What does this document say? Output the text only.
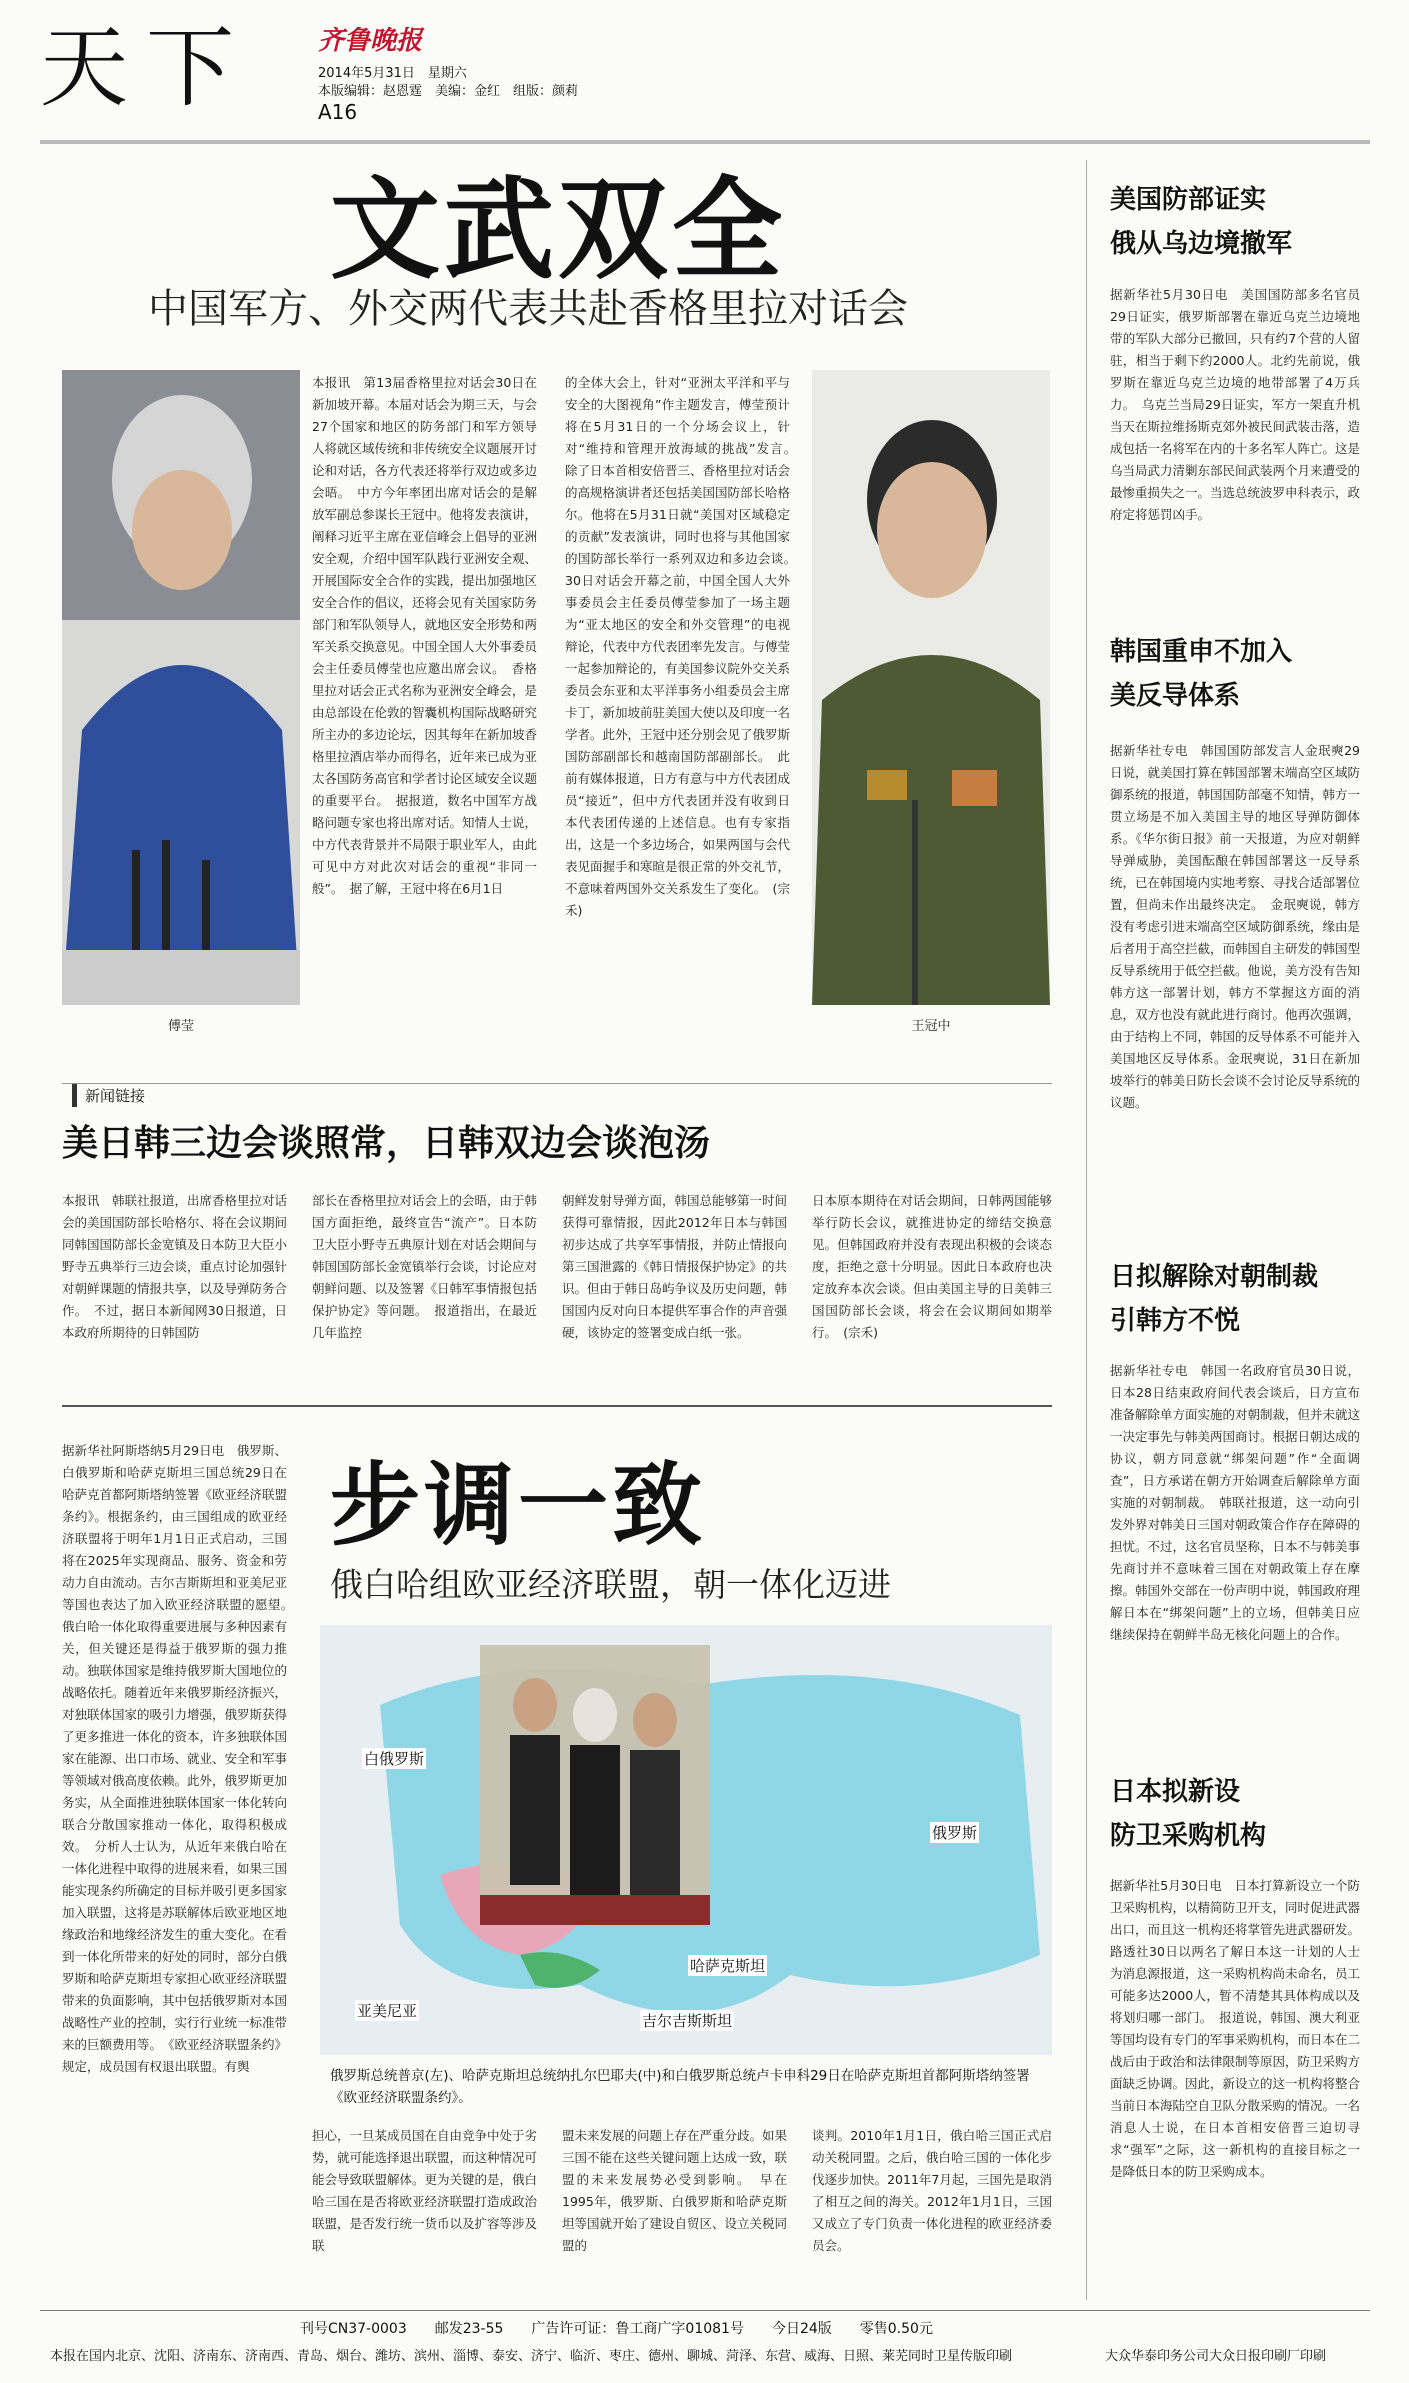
天下	齐鲁晚报
2014年5月31日　星期六
本版编辑：赵恩霆　美编：金红　组版：颜莉
A16
文武双全
中国军方、外交两代表共赴香格里拉对话会
傅莹
本报讯　第13届香格里拉对话会30日在新加坡开幕。本届对话会为期三天，与会27个国家和地区的防务部门和军方领导人将就区域传统和非传统安全议题展开讨论和对话，各方代表还将举行双边或多边会晤。　中方今年率团出席对话会的是解放军副总参谋长王冠中。他将发表演讲，阐释习近平主席在亚信峰会上倡导的亚洲安全观，介绍中国军队践行亚洲安全观、开展国际安全合作的实践，提出加强地区安全合作的倡议，还将会见有关国家防务部门和军队领导人，就地区安全形势和两军关系交换意见。中国全国人大外事委员会主任委员傅莹也应邀出席会议。　香格里拉对话会正式名称为亚洲安全峰会，是由总部设在伦敦的智囊机构国际战略研究所主办的多边论坛，因其每年在新加坡香格里拉酒店举办而得名，近年来已成为亚太各国防务高官和学者讨论区域安全议题的重要平台。　据报道，数名中国军方战略问题专家也将出席对话。知情人士说，中方代表背景并不局限于职业军人，由此可见中方对此次对话会的重视“非同一般”。　据了解，王冠中将在6月1日
的全体大会上，针对“亚洲太平洋和平与安全的大图视角”作主题发言，傅莹预计将在5月31日的一个分场会议上，针对“维持和管理开放海域的挑战”发言。　除了日本首相安倍晋三、香格里拉对话会的高规格演讲者还包括美国国防部长哈格尔。他将在5月31日就“美国对区域稳定的贡献”发表演讲，同时也将与其他国家的国防部长举行一系列双边和多边会谈。　30日对话会开幕之前，中国全国人大外事委员会主任委员傅莹参加了一场主题为“亚太地区的安全和外交管理”的电视辩论，代表中方代表团率先发言。与傅莹一起参加辩论的，有美国参议院外交关系委员会东亚和太平洋事务小组委员会主席卡丁，新加坡前驻美国大使以及印度一名学者。此外，王冠中还分别会见了俄罗斯国防部副部长和越南国防部副部长。　此前有媒体报道，日方有意与中方代表团成员“接近”，但中方代表团并没有收到日本代表团传递的上述信息。也有专家指出，这是一个多边场合，如果两国与会代表见面握手和寒暄是很正常的外交礼节，不意味着两国外交关系发生了变化。　(宗禾)
王冠中
新闻链接
美日韩三边会谈照常，日韩双边会谈泡汤
本报讯　韩联社报道，出席香格里拉对话会的美国国防部长哈格尔、将在会议期间同韩国国防部长金宽镇及日本防卫大臣小野寺五典举行三边会谈，重点讨论加强针对朝鲜课题的情报共享，以及导弹防务合作。　不过，据日本新闻网30日报道，日本政府所期待的日韩国防
部长在香格里拉对话会上的会晤，由于韩国方面拒绝，最终宣告“流产”。日本防卫大臣小野寺五典原计划在对话会期间与韩国国防部长金宽镇举行会谈，讨论应对朝鲜问题、以及签署《日韩军事情报包括保护协定》等问题。　报道指出，在最近几年监控
朝鲜发射导弹方面，韩国总能够第一时间获得可靠情报，因此2012年日本与韩国初步达成了共享军事情报，并防止情报向第三国泄露的《韩日情报保护协定》的共识。但由于韩日岛屿争议及历史问题，韩国国内反对向日本提供军事合作的声音强硬，该协定的签署变成白纸一张。
日本原本期待在对话会期间，日韩两国能够举行防长会议，就推进协定的缔结交换意见。但韩国政府并没有表现出积极的会谈态度，拒绝之意十分明显。因此日本政府也决定放弃本次会谈。但由美国主导的日美韩三国国防部长会谈，将会在会议期间如期举行。　(宗禾)
据新华社阿斯塔纳5月29日电　俄罗斯、白俄罗斯和哈萨克斯坦三国总统29日在哈萨克首都阿斯塔纳签署《欧亚经济联盟条约》。根据条约，由三国组成的欧亚经济联盟将于明年1月1日正式启动，三国将在2025年实现商品、服务、资金和劳动力自由流动。吉尔吉斯斯坦和亚美尼亚等国也表达了加入欧亚经济联盟的愿望。　俄白哈一体化取得重要进展与多种因素有关，但关键还是得益于俄罗斯的强力推动。独联体国家是维持俄罗斯大国地位的战略依托。随着近年来俄罗斯经济振兴，对独联体国家的吸引力增强，俄罗斯获得了更多推进一体化的资本，许多独联体国家在能源、出口市场、就业、安全和军事等领域对俄高度依赖。此外，俄罗斯更加务实，从全面推进独联体国家一体化转向联合分散国家推动一体化，取得积极成效。　分析人士认为，从近年来俄白哈在一体化进程中取得的进展来看，如果三国能实现条约所确定的目标并吸引更多国家加入联盟，这将是苏联解体后欧亚地区地缘政治和地缘经济发生的重大变化。在看到一体化所带来的好处的同时，部分白俄罗斯和哈萨克斯坦专家担心欧亚经济联盟带来的负面影响，其中包括俄罗斯对本国战略性产业的控制，实行行业统一标准带来的巨额费用等。　《欧亚经济联盟条约》规定，成员国有权退出联盟。有舆
步调一致
俄白哈组欧亚经济联盟，朝一体化迈进
白俄罗斯
俄罗斯
哈萨克斯坦
吉尔吉斯斯坦
亚美尼亚
俄罗斯总统普京(左)、哈萨克斯坦总统纳扎尔巴耶夫(中)和白俄罗斯总统卢卡申科29日在哈萨克斯坦首都阿斯塔纳签署《欧亚经济联盟条约》。
担心，一旦某成员国在自由竞争中处于劣势，就可能选择退出联盟，而这种情况可能会导致联盟解体。更为关键的是，俄白哈三国在是否将欧亚经济联盟打造成政治联盟，是否发行统一货币以及扩容等涉及联
盟未来发展的问题上存在严重分歧。如果三国不能在这些关键问题上达成一致，联盟的未来发展势必受到影响。　早在1995年，俄罗斯、白俄罗斯和哈萨克斯坦等国就开始了建设自贸区、设立关税同盟的
谈判。2010年1月1日，俄白哈三国正式启动关税同盟。之后，俄白哈三国的一体化步伐逐步加快。2011年7月起，三国先是取消了相互之间的海关。2012年1月1日，三国又成立了专门负责一体化进程的欧亚经济委员会。
美国防部证实
俄从乌边境撤军
据新华社5月30日电　美国国防部多名官员29日证实，俄罗斯部署在靠近乌克兰边境地带的军队大部分已撤回，只有约7个营的人留驻，相当于剩下约2000人。北约先前说，俄罗斯在靠近乌克兰边境的地带部署了4万兵力。　乌克兰当局29日证实，军方一架直升机当天在斯拉维扬斯克郊外被民间武装击落，造成包括一名将军在内的十多名军人阵亡。这是乌当局武力清剿东部民间武装两个月来遭受的最惨重损失之一。当选总统波罗申科表示，政府定将惩罚凶手。
韩国重申不加入
美反导体系
据新华社专电　韩国国防部发言人金珉奭29日说，就美国打算在韩国部署末端高空区域防御系统的报道，韩国国防部毫不知情，韩方一贯立场是不加入美国主导的地区导弹防御体系。《华尔街日报》前一天报道，为应对朝鲜导弹威胁，美国酝酿在韩国部署这一反导系统，已在韩国境内实地考察、寻找合适部署位置，但尚未作出最终决定。　金珉奭说，韩方没有考虑引进末端高空区域防御系统，缘由是后者用于高空拦截，而韩国自主研发的韩国型反导系统用于低空拦截。他说，美方没有告知韩方这一部署计划，韩方不掌握这方面的消息，双方也没有就此进行商讨。他再次强调，由于结构上不同，韩国的反导体系不可能并入美国地区反导体系。金珉奭说，31日在新加坡举行的韩美日防长会谈不会讨论反导系统的议题。
日拟解除对朝制裁
引韩方不悦
据新华社专电　韩国一名政府官员30日说，日本28日结束政府间代表会谈后，日方宣布准备解除单方面实施的对朝制裁，但并未就这一决定事先与韩美两国商讨。根据日朝达成的协议，朝方同意就“绑架问题”作“全面调查”，日方承诺在朝方开始调查后解除单方面实施的对朝制裁。　韩联社报道，这一动向引发外界对韩美日三国对朝政策合作存在障碍的担忧。不过，这名官员坚称，日本不与韩美事先商讨并不意味着三国在对朝政策上存在摩擦。韩国外交部在一份声明中说，韩国政府理解日本在“绑架问题”上的立场，但韩美日应继续保持在朝鲜半岛无核化问题上的合作。
日本拟新设
防卫采购机构
据新华社5月30日电　日本打算新设立一个防卫采购机构，以精简防卫开支，同时促进武器出口，而且这一机构还将掌管先进武器研发。路透社30日以两名了解日本这一计划的人士为消息源报道，这一采购机构尚未命名，员工可能多达2000人，暂不清楚其具体构成以及将划归哪一部门。　报道说，韩国、澳大利亚等国均设有专门的军事采购机构，而日本在二战后由于政治和法律限制等原因，防卫采购方面缺乏协调。因此，新设立的这一机构将整合当前日本海陆空自卫队分散采购的情况。一名消息人士说，在日本首相安倍晋三迫切寻求“强军”之际，这一新机构的直接目标之一是降低日本的防卫采购成本。
刊号CN37-0003　　邮发23-55　　广告许可证：鲁工商广字01081号　　今日24版　　零售0.50元
本报在国内北京、沈阳、济南东、济南西、青岛、烟台、潍坊、滨州、淄博、泰安、济宁、临沂、枣庄、德州、聊城、菏泽、东营、威海、日照、莱芜同时卫星传版印刷	大众华泰印务公司大众日报印刷厂印刷
